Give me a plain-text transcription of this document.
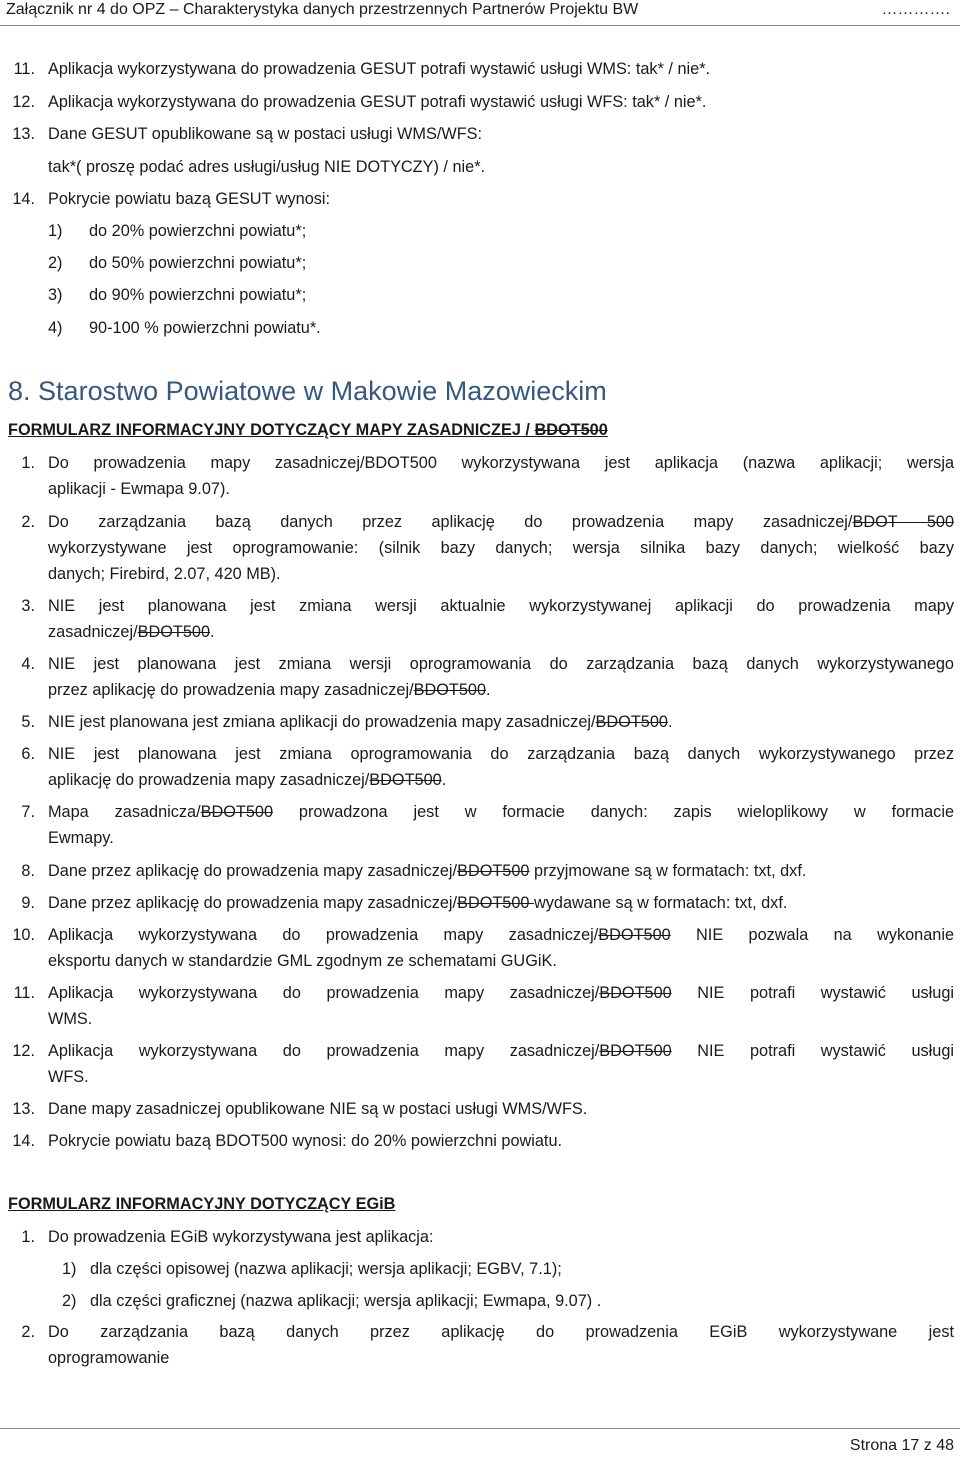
Załącznik nr 4 do OPZ – Charakterystyka danych przestrzennych Partnerów Projektu BW	………….
11. Aplikacja wykorzystywana do prowadzenia GESUT potrafi wystawić usługi WMS: tak* / nie*.
12. Aplikacja wykorzystywana do prowadzenia GESUT potrafi wystawić usługi WFS: tak* / nie*.
13. Dane GESUT opublikowane są w postaci usługi WMS/WFS:
tak*( proszę podać adres usługi/usług NIE DOTYCZY) / nie*.
14. Pokrycie powiatu bazą GESUT wynosi:
1)	do 20% powierzchni powiatu*;
2)	do 50% powierzchni powiatu*;
3)	do 90% powierzchni powiatu*;
4)	90-100 % powierzchni powiatu*.
8. Starostwo Powiatowe w Makowie Mazowieckim
FORMULARZ INFORMACYJNY DOTYCZĄCY MAPY ZASADNICZEJ / BDOT500
1. Do prowadzenia mapy zasadniczej/BDOT500 wykorzystywana jest aplikacja (nazwa aplikacji; wersja
aplikacji - Ewmapa 9.07).
2. Do zarządzania bazą danych przez aplikację do prowadzenia mapy zasadniczej/BDOT 500
wykorzystywane jest oprogramowanie: (silnik bazy danych; wersja silnika bazy danych; wielkość bazy
danych; Firebird, 2.07, 420 MB).
3. NIE jest planowana jest zmiana wersji aktualnie wykorzystywanej aplikacji do prowadzenia mapy
zasadniczej/BDOT500.
4. NIE jest planowana jest zmiana wersji oprogramowania do zarządzania bazą danych wykorzystywanego
przez aplikację do prowadzenia mapy zasadniczej/BDOT500.
5. NIE jest planowana jest zmiana aplikacji do prowadzenia mapy zasadniczej/BDOT500.
6. NIE jest planowana jest zmiana oprogramowania do zarządzania bazą danych wykorzystywanego przez
aplikację do prowadzenia mapy zasadniczej/BDOT500.
7. Mapa zasadnicza/BDOT500 prowadzona jest w formacie danych: zapis wieloplikowy w formacie
Ewmapy.
8. Dane przez aplikację do prowadzenia mapy zasadniczej/BDOT500 przyjmowane są w formatach: txt, dxf.
9. Dane przez aplikację do prowadzenia mapy zasadniczej/BDOT500 wydawane są w formatach: txt, dxf.
10. Aplikacja wykorzystywana do prowadzenia mapy zasadniczej/BDOT500 NIE pozwala na wykonanie
eksportu danych w standardzie GML zgodnym ze schematami GUGiK.
11. Aplikacja wykorzystywana do prowadzenia mapy zasadniczej/BDOT500 NIE potrafi wystawić usługi
WMS.
12. Aplikacja wykorzystywana do prowadzenia mapy zasadniczej/BDOT500 NIE potrafi wystawić usługi
WFS.
13. Dane mapy zasadniczej opublikowane NIE są w postaci usługi WMS/WFS.
14. Pokrycie powiatu bazą BDOT500 wynosi: do 20% powierzchni powiatu.
FORMULARZ INFORMACYJNY DOTYCZĄCY EGiB
1. Do prowadzenia EGiB wykorzystywana jest aplikacja:
1) dla części opisowej (nazwa aplikacji; wersja aplikacji; EGBV, 7.1);
2) dla części graficznej (nazwa aplikacji; wersja aplikacji; Ewmapa, 9.07) .
2. Do zarządzania bazą danych przez aplikację do prowadzenia EGiB wykorzystywane jest
oprogramowanie
Strona 17 z 48
